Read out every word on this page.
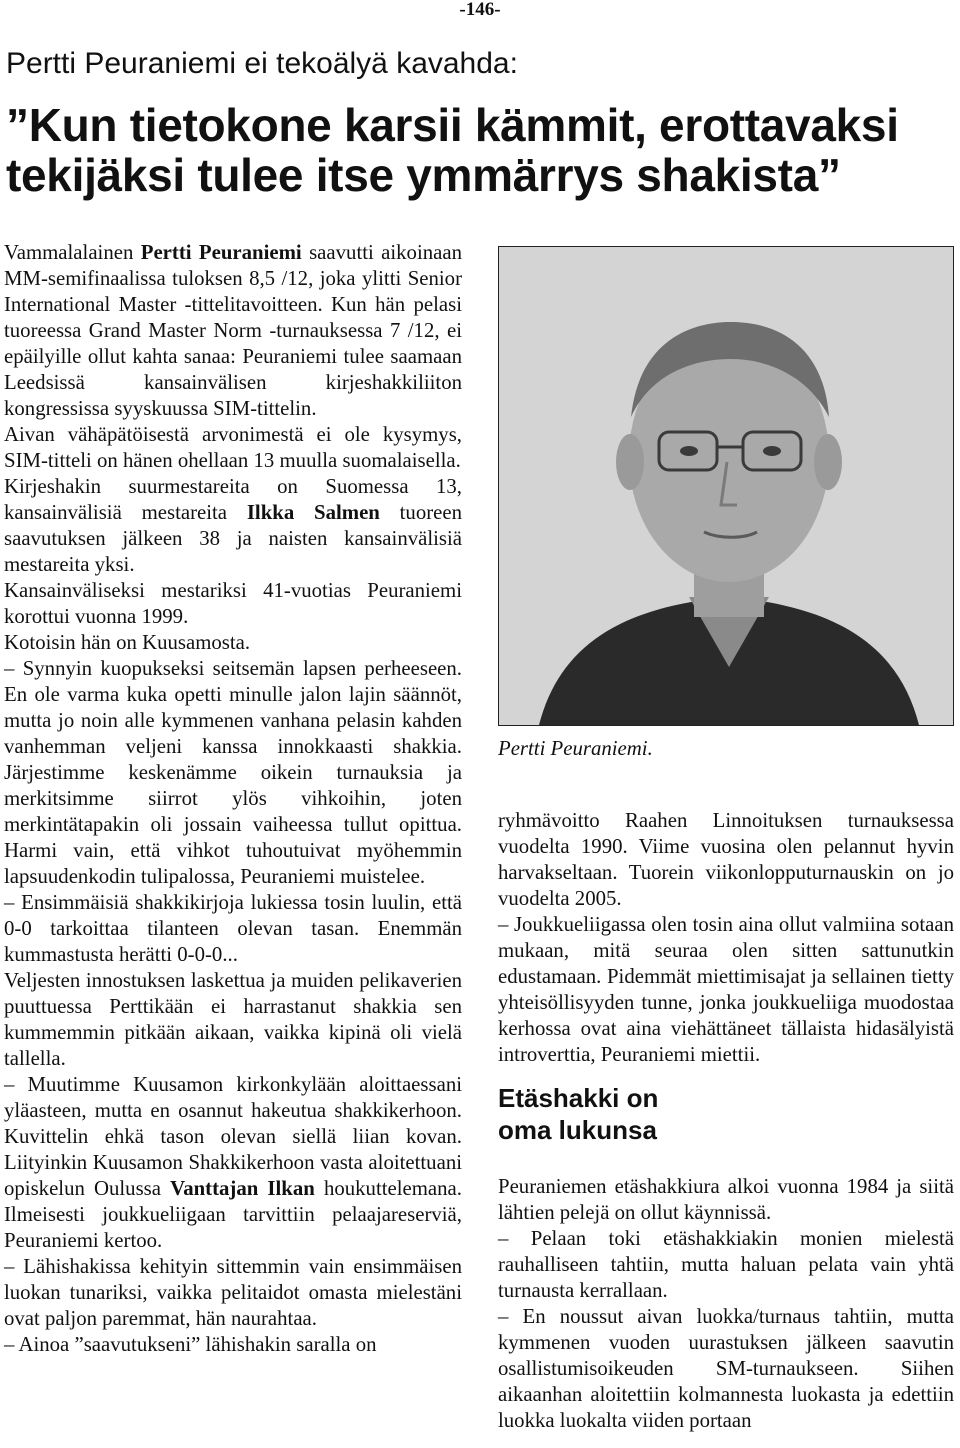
-146-
Pertti Peuraniemi ei tekoälyä kavahda:
”Kun tietokone karsii kämmit, erottavaksi
tekijäksi tulee itse ymmärrys shakista”

Vammalalainen Pertti Peuraniemi saavutti aikoinaan MM-semifinaalissa tuloksen 8,5 /12, joka ylitti Senior International Master -tittelitavoitteen. Kun hän pelasi tuoreessa Grand Master Norm -turnauksessa 7 /12, ei epäilyille ollut kahta sanaa: Peuraniemi tulee saamaan Leedsissä kansainvälisen kirjeshakkiliiton kongressissa syyskuussa SIM-tittelin.

Aivan vähäpätöisestä arvonimestä ei ole kysymys, SIM-titteli on hänen ohellaan 13 muulla suomalaisella.

Kirjeshakin suurmestareita on Suomessa 13, kansainvälisiä mestareita Ilkka Salmen tuoreen saavutuksen jälkeen 38 ja naisten kansainvälisiä mestareita yksi.

Kansainväliseksi mestariksi 41-vuotias Peuraniemi korottui vuonna 1999.

Kotoisin hän on Kuusamosta.

– Synnyin kuopukseksi seitsemän lapsen perheeseen. En ole varma kuka opetti minulle jalon lajin säännöt, mutta jo noin alle kymmenen vanhana pelasin kahden vanhemman veljeni kanssa innokkaasti shakkia. Järjestimme keskenämme oikein turnauksia ja merkitsimme siirrot ylös vihkoihin, joten merkintätapakin oli jossain vaiheessa tullut opittua. Harmi vain, että vihkot tuhoutuivat myöhemmin lapsuudenkodin tulipalossa, Peuraniemi muistelee.

– Ensimmäisiä shakkikirjoja lukiessa tosin luulin, että 0-0 tarkoittaa tilanteen olevan tasan. Enemmän kummastusta herätti 0-0-0...

Veljesten innostuksen laskettua ja muiden pelikaverien puuttuessa Perttikään ei harrastanut shakkia sen kummemmin pitkään aikaan, vaikka kipinä oli vielä tallella.

– Muutimme Kuusamon kirkonkylään aloittaessani yläasteen, mutta en osannut hakeutua shakkikerhoon. Kuvittelin ehkä tason olevan siellä liian kovan. Liityinkin Kuusamon Shakkikerhoon vasta aloitettuani opiskelun Oulussa Vanttajan Ilkan houkuttelemana. Ilmeisesti joukkueliigaan tarvittiin pelaajareserviä, Peuraniemi kertoo.

– Lähishakissa kehityin sittemmin vain ensimmäisen luokan tunariksi, vaikka pelitaidot omasta mielestäni ovat paljon paremmat, hän naurahtaa.

– Ainoa ”saavutukseni” lähishakin saralla on

Pertti Peuraniemi.

ryhmävoitto Raahen Linnoituksen turnauksessa vuodelta 1990. Viime vuosina olen pelannut hyvin harvakseltaan. Tuorein viikonlopputurnauskin on jo vuodelta 2005.

– Joukkueliigassa olen tosin aina ollut valmiina sotaan mukaan, mitä seuraa olen sitten sattunutkin edustamaan. Pidemmät miettimisajat ja sellainen tietty yhteisöllisyyden tunne, jonka joukkueliiga muodostaa kerhossa ovat aina viehättäneet tällaista hidasälyistä introverttia, Peuraniemi miettii.

Etäshakki on
oma lukunsa

Peuraniemen etäshakkiura alkoi vuonna 1984 ja siitä lähtien pelejä on ollut käynnissä.

– Pelaan toki etäshakkiakin monien mielestä rauhalliseen tahtiin, mutta haluan pelata vain yhtä turnausta kerrallaan.

– En noussut aivan luokka/turnaus tahtiin, mutta kymmenen vuoden uurastuksen jälkeen saavutin osallistumisoikeuden SM-turnaukseen. Siihen aikaanhan aloitettiin kolmannesta luokasta ja edettiin luokka luokalta viiden portaan
